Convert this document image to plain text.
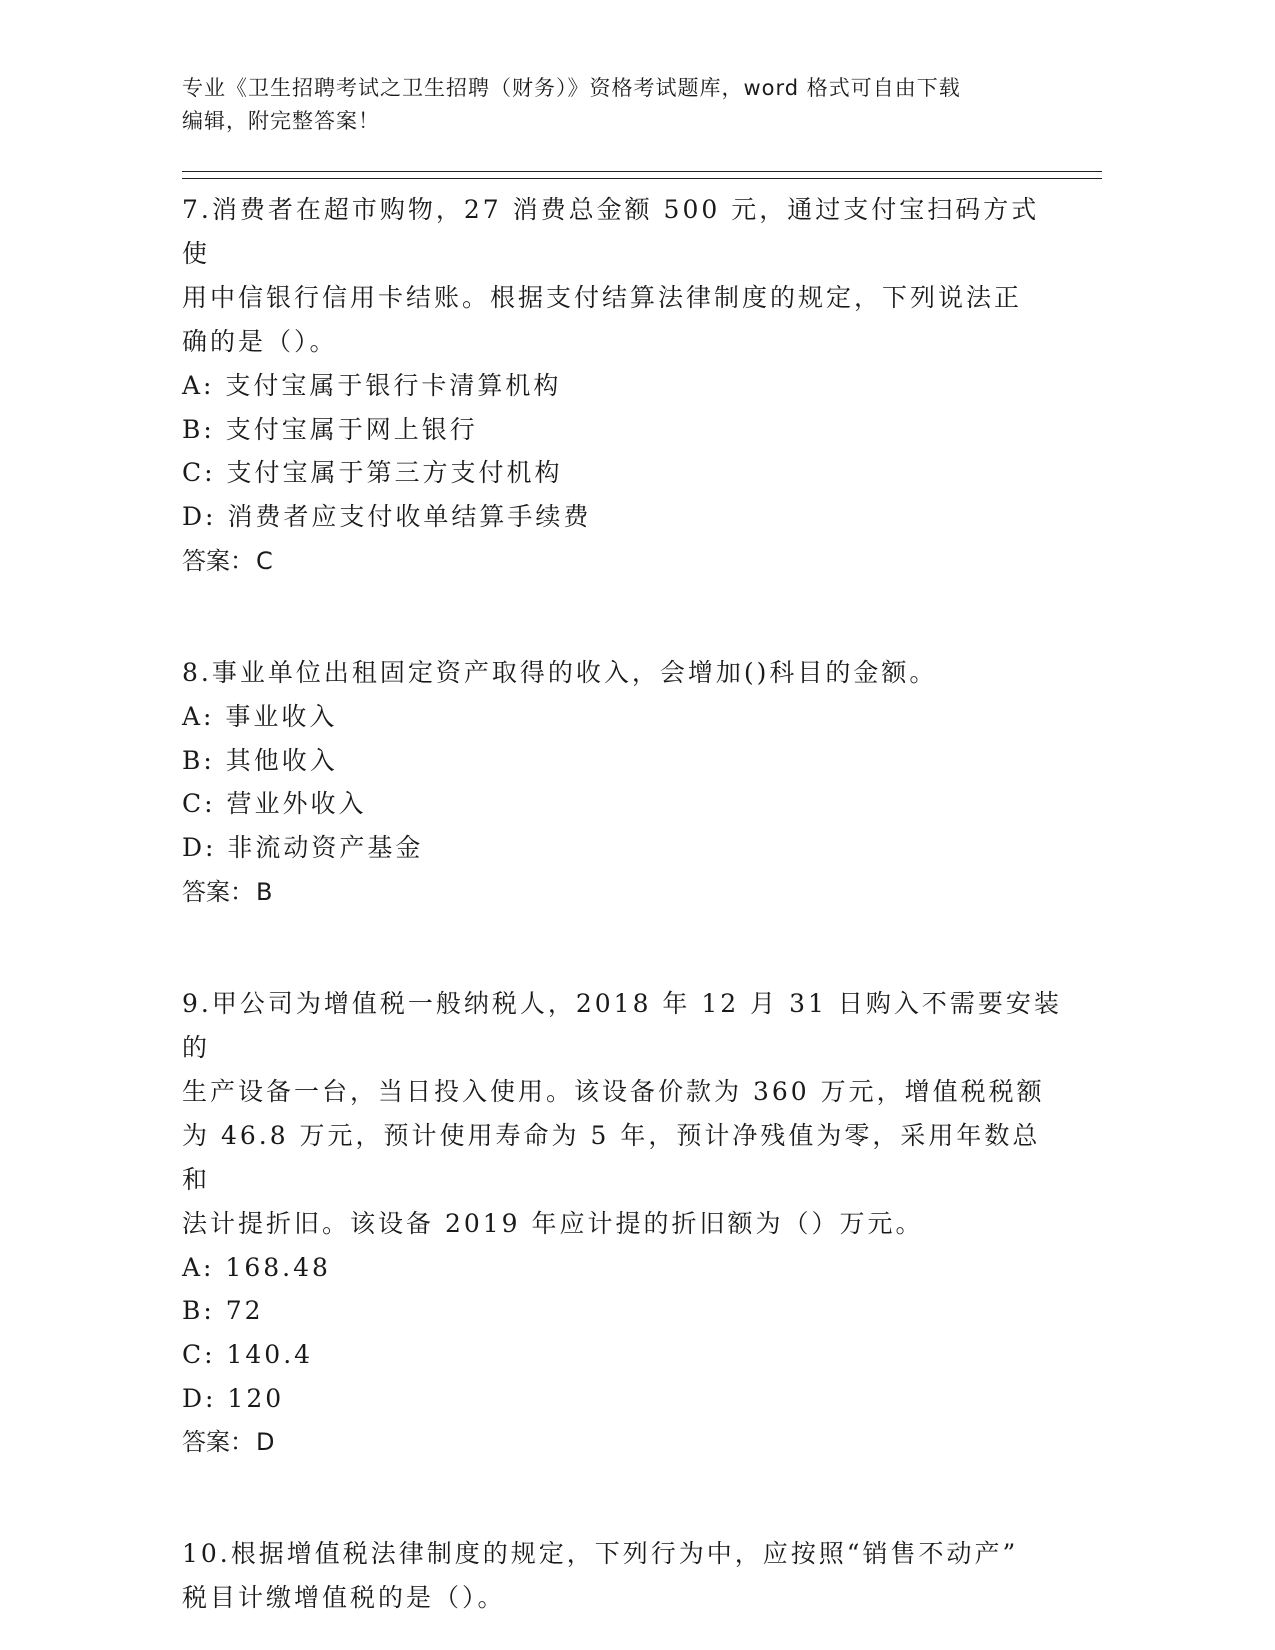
专业《卫生招聘考试之卫生招聘（财务）》资格考试题库，word 格式可自由下载
编辑，附完整答案！

7.消费者在超市购物，27 消费总金额 500 元，通过支付宝扫码方式使

用中信银行信用卡结账。根据支付结算法律制度的规定，下列说法正

确的是（）。

A: 支付宝属于银行卡清算机构

B: 支付宝属于网上银行

C: 支付宝属于第三方支付机构

D: 消费者应支付收单结算手续费

答案：C

8.事业单位出租固定资产取得的收入，会增加()科目的金额。

A: 事业收入

B: 其他收入

C: 营业外收入

D: 非流动资产基金

答案：B

9.甲公司为增值税一般纳税人，2018 年 12 月 31 日购入不需要安装的

生产设备一台，当日投入使用。该设备价款为 360 万元，增值税税额

为 46.8 万元，预计使用寿命为 5 年，预计净残值为零，采用年数总和

法计提折旧。该设备 2019 年应计提的折旧额为（）万元。

A: 168.48

B: 72

C: 140.4

D: 120

答案：D

10.根据增值税法律制度的规定，下列行为中，应按照“销售不动产”

税目计缴增值税的是（）。
